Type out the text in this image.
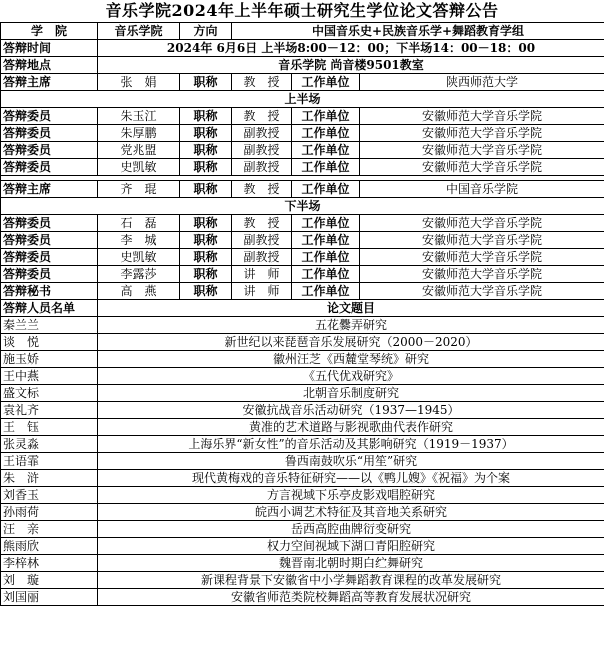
音乐学院2024年上半年硕士研究生学位论文答辩公告
学　院	音乐学院	方向	中国音乐史+民族音乐学+舞蹈教育学组		
答辩时间	2024年 6月6日 上半场8:00－12：00；下半场14：00－18：00				
答辩地点	音乐学院 尚音楼9501教室				
答辩主席	张　娟	职称	教　授	工作单位	陕西师范大学
上半场					
答辩委员	朱玉江	职称	教　授	工作单位	安徽师范大学音乐学院
答辩委员	朱厚鹏	职称	副教授	工作单位	安徽师范大学音乐学院
答辩委员	党兆盟	职称	副教授	工作单位	安徽师范大学音乐学院
答辩委员	史凯敏	职称	副教授	工作单位	安徽师范大学音乐学院

答辩主席	齐　琨	职称	教　授	工作单位	中国音乐学院
下半场					
答辩委员	石　磊	职称	教　授	工作单位	安徽师范大学音乐学院
答辩委员	李　城	职称	副教授	工作单位	安徽师范大学音乐学院
答辩委员	史凯敏	职称	副教授	工作单位	安徽师范大学音乐学院
答辩委员	李露莎	职称	讲　师	工作单位	安徽师范大学音乐学院
答辩秘书	高　燕	职称	讲　师	工作单位	安徽师范大学音乐学院
答辩人员名单	论文题目				
秦兰兰	五花爨弄研究				
谈　悦	新世纪以来琵琶音乐发展研究（2000－2020）				
施玉娇	徽州汪芝《西麓堂琴统》研究				
王中燕	《五代优戏研究》				
盛文标	北朝音乐制度研究				
袁礼齐	安徽抗战音乐活动研究（1937—1945）				
王　钰	黄准的艺术道路与影视歌曲代表作研究				
张灵淼	上海乐界“新女性”的音乐活动及其影响研究（1919－1937）				
王语霏	鲁西南鼓吹乐“用笙”研究				
朱　浒	现代黄梅戏的音乐特征研究——以《鸭儿嫂》《祝福》为个案				
刘香玉	方言视域下乐亭皮影戏唱腔研究				
孙雨荷	皖西小调艺术特征及其音地关系研究				
汪　亲	岳西高腔曲牌衍变研究				
熊雨欣	权力空间视域下湖口青阳腔研究				
李梓林	魏晋南北朝时期白纻舞研究				
刘　璇	新课程背景下安徽省中小学舞蹈教育课程的改革发展研究				
刘国丽	安徽省师范类院校舞蹈高等教育发展状况研究				
